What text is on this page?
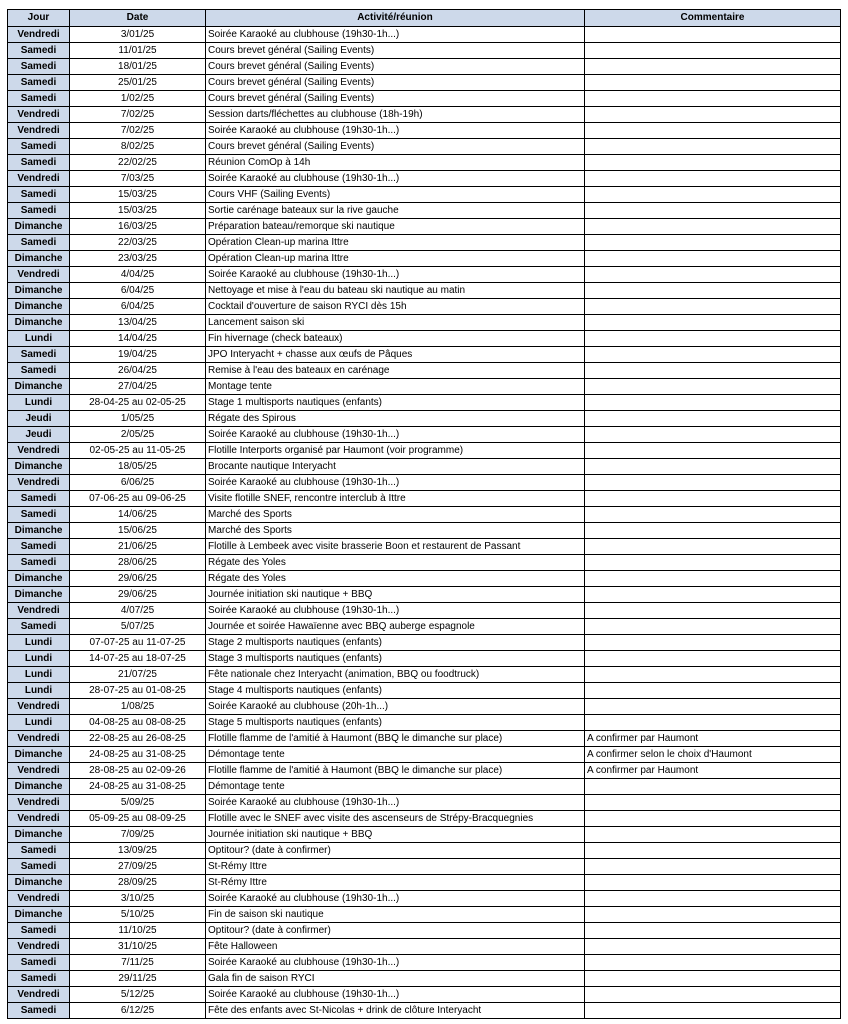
Jour	Date	Activité/réunion	Commentaire
Vendredi	3/01/25	Soirée Karaoké au clubhouse (19h30-1h...)	
Samedi	11/01/25	Cours brevet général (Sailing Events)	
Samedi	18/01/25	Cours brevet général (Sailing Events)	
Samedi	25/01/25	Cours brevet général (Sailing Events)	
Samedi	1/02/25	Cours brevet général (Sailing Events)	
Vendredi	7/02/25	Session darts/fléchettes au clubhouse (18h-19h)	
Vendredi	7/02/25	Soirée Karaoké au clubhouse (19h30-1h...)	
Samedi	8/02/25	Cours brevet général (Sailing Events)	
Samedi	22/02/25	Réunion ComOp à 14h	
Vendredi	7/03/25	Soirée Karaoké au clubhouse (19h30-1h...)	
Samedi	15/03/25	Cours VHF (Sailing Events)	
Samedi	15/03/25	Sortie carénage bateaux sur la rive gauche	
Dimanche	16/03/25	Préparation bateau/remorque ski nautique	
Samedi	22/03/25	Opération Clean-up marina Ittre	
Dimanche	23/03/25	Opération Clean-up marina Ittre	
Vendredi	4/04/25	Soirée Karaoké au clubhouse (19h30-1h...)	
Dimanche	6/04/25	Nettoyage et mise à l'eau du bateau ski nautique au matin	
Dimanche	6/04/25	Cocktail d'ouverture de saison RYCI dès 15h	
Dimanche	13/04/25	Lancement saison ski	
Lundi	14/04/25	Fin hivernage (check bateaux)	
Samedi	19/04/25	JPO Interyacht + chasse aux œufs de Pâques	
Samedi	26/04/25	Remise à l'eau des bateaux en carénage	
Dimanche	27/04/25	Montage tente	
Lundi	28-04-25 au 02-05-25	Stage 1 multisports nautiques (enfants)	
Jeudi	1/05/25	Régate des Spirous	
Jeudi	2/05/25	Soirée Karaoké au clubhouse (19h30-1h...)	
Vendredi	02-05-25 au 11-05-25	Flotille Interports organisé par Haumont (voir programme)	
Dimanche	18/05/25	Brocante nautique Interyacht	
Vendredi	6/06/25	Soirée Karaoké au clubhouse (19h30-1h...)	
Samedi	07-06-25 au 09-06-25	Visite flotille SNEF, rencontre interclub à Ittre	
Samedi	14/06/25	Marché des Sports	
Dimanche	15/06/25	Marché des Sports	
Samedi	21/06/25	Flotille à Lembeek avec visite brasserie Boon et restaurent de Passant	
Samedi	28/06/25	Régate des Yoles	
Dimanche	29/06/25	Régate des Yoles	
Dimanche	29/06/25	Journée initiation ski nautique + BBQ	
Vendredi	4/07/25	Soirée Karaoké au clubhouse (19h30-1h...)	
Samedi	5/07/25	Journée et soirée Hawaïenne avec BBQ auberge espagnole	
Lundi	07-07-25 au 11-07-25	Stage 2 multisports nautiques (enfants)	
Lundi	14-07-25 au 18-07-25	Stage 3 multisports nautiques (enfants)	
Lundi	21/07/25	Fête nationale chez Interyacht (animation, BBQ ou foodtruck)	
Lundi	28-07-25 au 01-08-25	Stage 4 multisports nautiques (enfants)	
Vendredi	1/08/25	Soirée Karaoké au clubhouse (20h-1h...)	
Lundi	04-08-25 au 08-08-25	Stage 5 multisports nautiques (enfants)	
Vendredi	22-08-25 au 26-08-25	Flotille flamme de l'amitié à Haumont (BBQ le dimanche sur place)	A confirmer par Haumont
Dimanche	24-08-25 au 31-08-25	Démontage tente	A confirmer selon le choix d'Haumont
Vendredi	28-08-25 au 02-09-26	Flotille flamme de l'amitié à Haumont (BBQ le dimanche sur place)	A confirmer par Haumont
Dimanche	24-08-25 au 31-08-25	Démontage tente	
Vendredi	5/09/25	Soirée Karaoké au clubhouse (19h30-1h...)	
Vendredi	05-09-25 au 08-09-25	Flotille avec le SNEF avec visite des ascenseurs de Strépy-Bracquegnies	
Dimanche	7/09/25	Journée initiation ski nautique + BBQ	
Samedi	13/09/25	Optitour? (date à confirmer)	
Samedi	27/09/25	St-Rémy Ittre	
Dimanche	28/09/25	St-Rémy Ittre	
Vendredi	3/10/25	Soirée Karaoké au clubhouse (19h30-1h...)	
Dimanche	5/10/25	Fin de saison ski nautique	
Samedi	11/10/25	Optitour? (date à confirmer)	
Vendredi	31/10/25	Fête Halloween	
Samedi	7/11/25	Soirée Karaoké au clubhouse (19h30-1h...)	
Samedi	29/11/25	Gala fin de saison RYCI	
Vendredi	5/12/25	Soirée Karaoké au clubhouse (19h30-1h...)	
Samedi	6/12/25	Fête des enfants avec St-Nicolas + drink de clôture Interyacht	
